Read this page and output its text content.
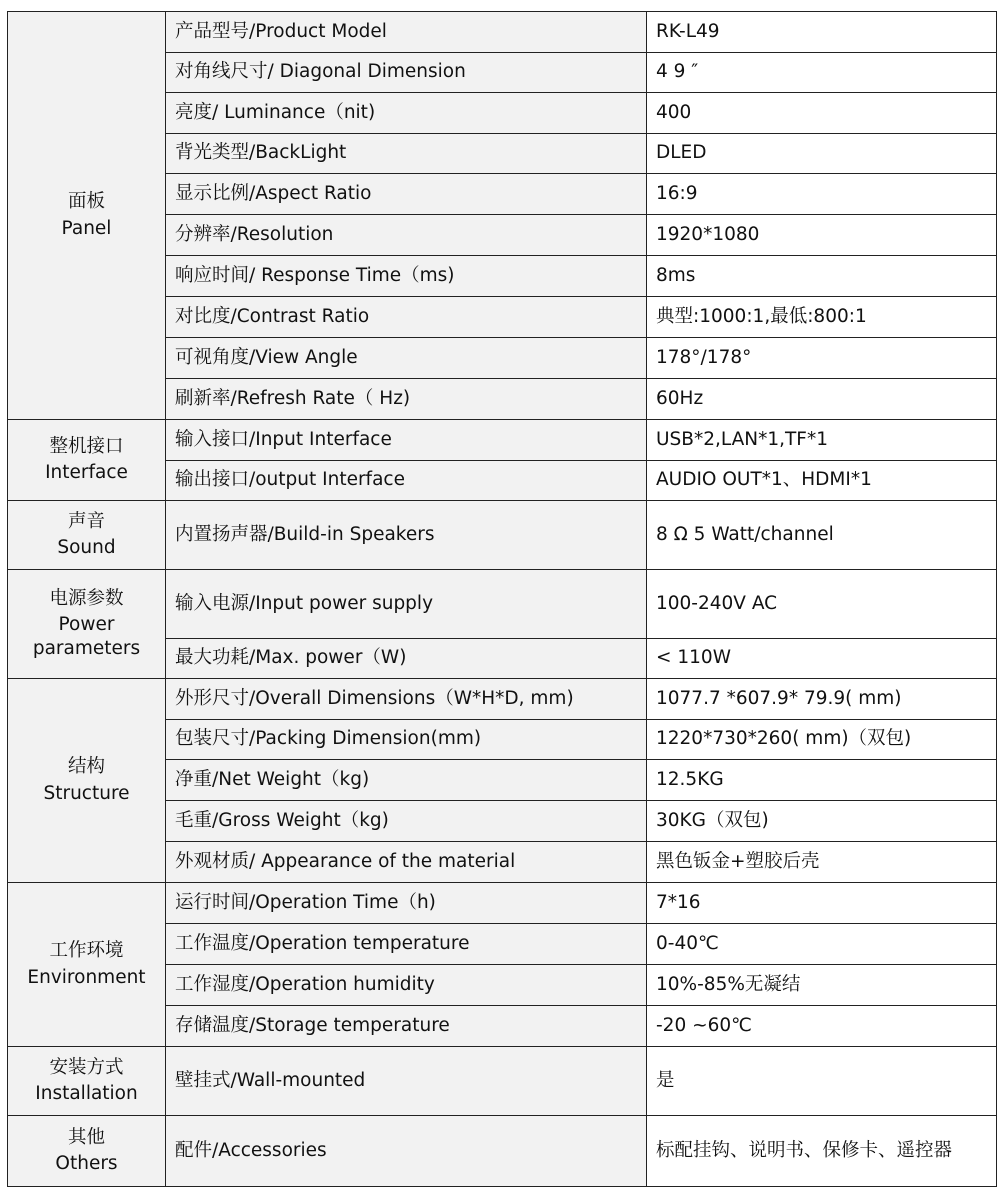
面板
Panel	产品型号/Product Model	RK-L49
	对角线尺寸/ Diagonal Dimension	4 9 ″
	亮度/ Luminance（nit)	400
	背光类型/BackLight	DLED
	显示比例/Aspect Ratio	16:9
	分辨率/Resolution	1920*1080
	响应时间/ Response Time（ms)	8ms
	对比度/Contrast Ratio	典型:1000:1,最低:800:1
	可视角度/View Angle	178°/178°
	刷新率/Refresh Rate（ Hz)	60Hz

整机接口
Interface	输入接口/Input Interface	USB*2,LAN*1,TF*1
	输出接口/output Interface	AUDIO OUT*1、HDMI*1

声音
Sound	内置扬声器/Build-in Speakers	8 Ω 5 Watt/channel

电源参数
Power parameters	输入电源/Input power supply	100-240V AC
	最大功耗/Max. power（W)	< 110W

结构
Structure	外形尺寸/Overall Dimensions（W*H*D, mm)	1077.7 *607.9* 79.9( mm)
	包装尺寸/Packing Dimension(mm)	1220*730*260( mm)（双包)
	净重/Net Weight（kg)	12.5KG
	毛重/Gross Weight（kg)	30KG（双包)
	外观材质/ Appearance of the material	黑色钣金+塑胶后壳

工作环境
Environment	运行时间/Operation Time（h)	7*16
	工作温度/Operation temperature	0-40℃
	工作湿度/Operation humidity	10%-85%无凝结
	存储温度/Storage temperature	-20 ~60℃

安装方式
Installation	壁挂式/Wall-mounted	是

其他
Others	配件/Accessories	标配挂钩、说明书、保修卡、遥控器
